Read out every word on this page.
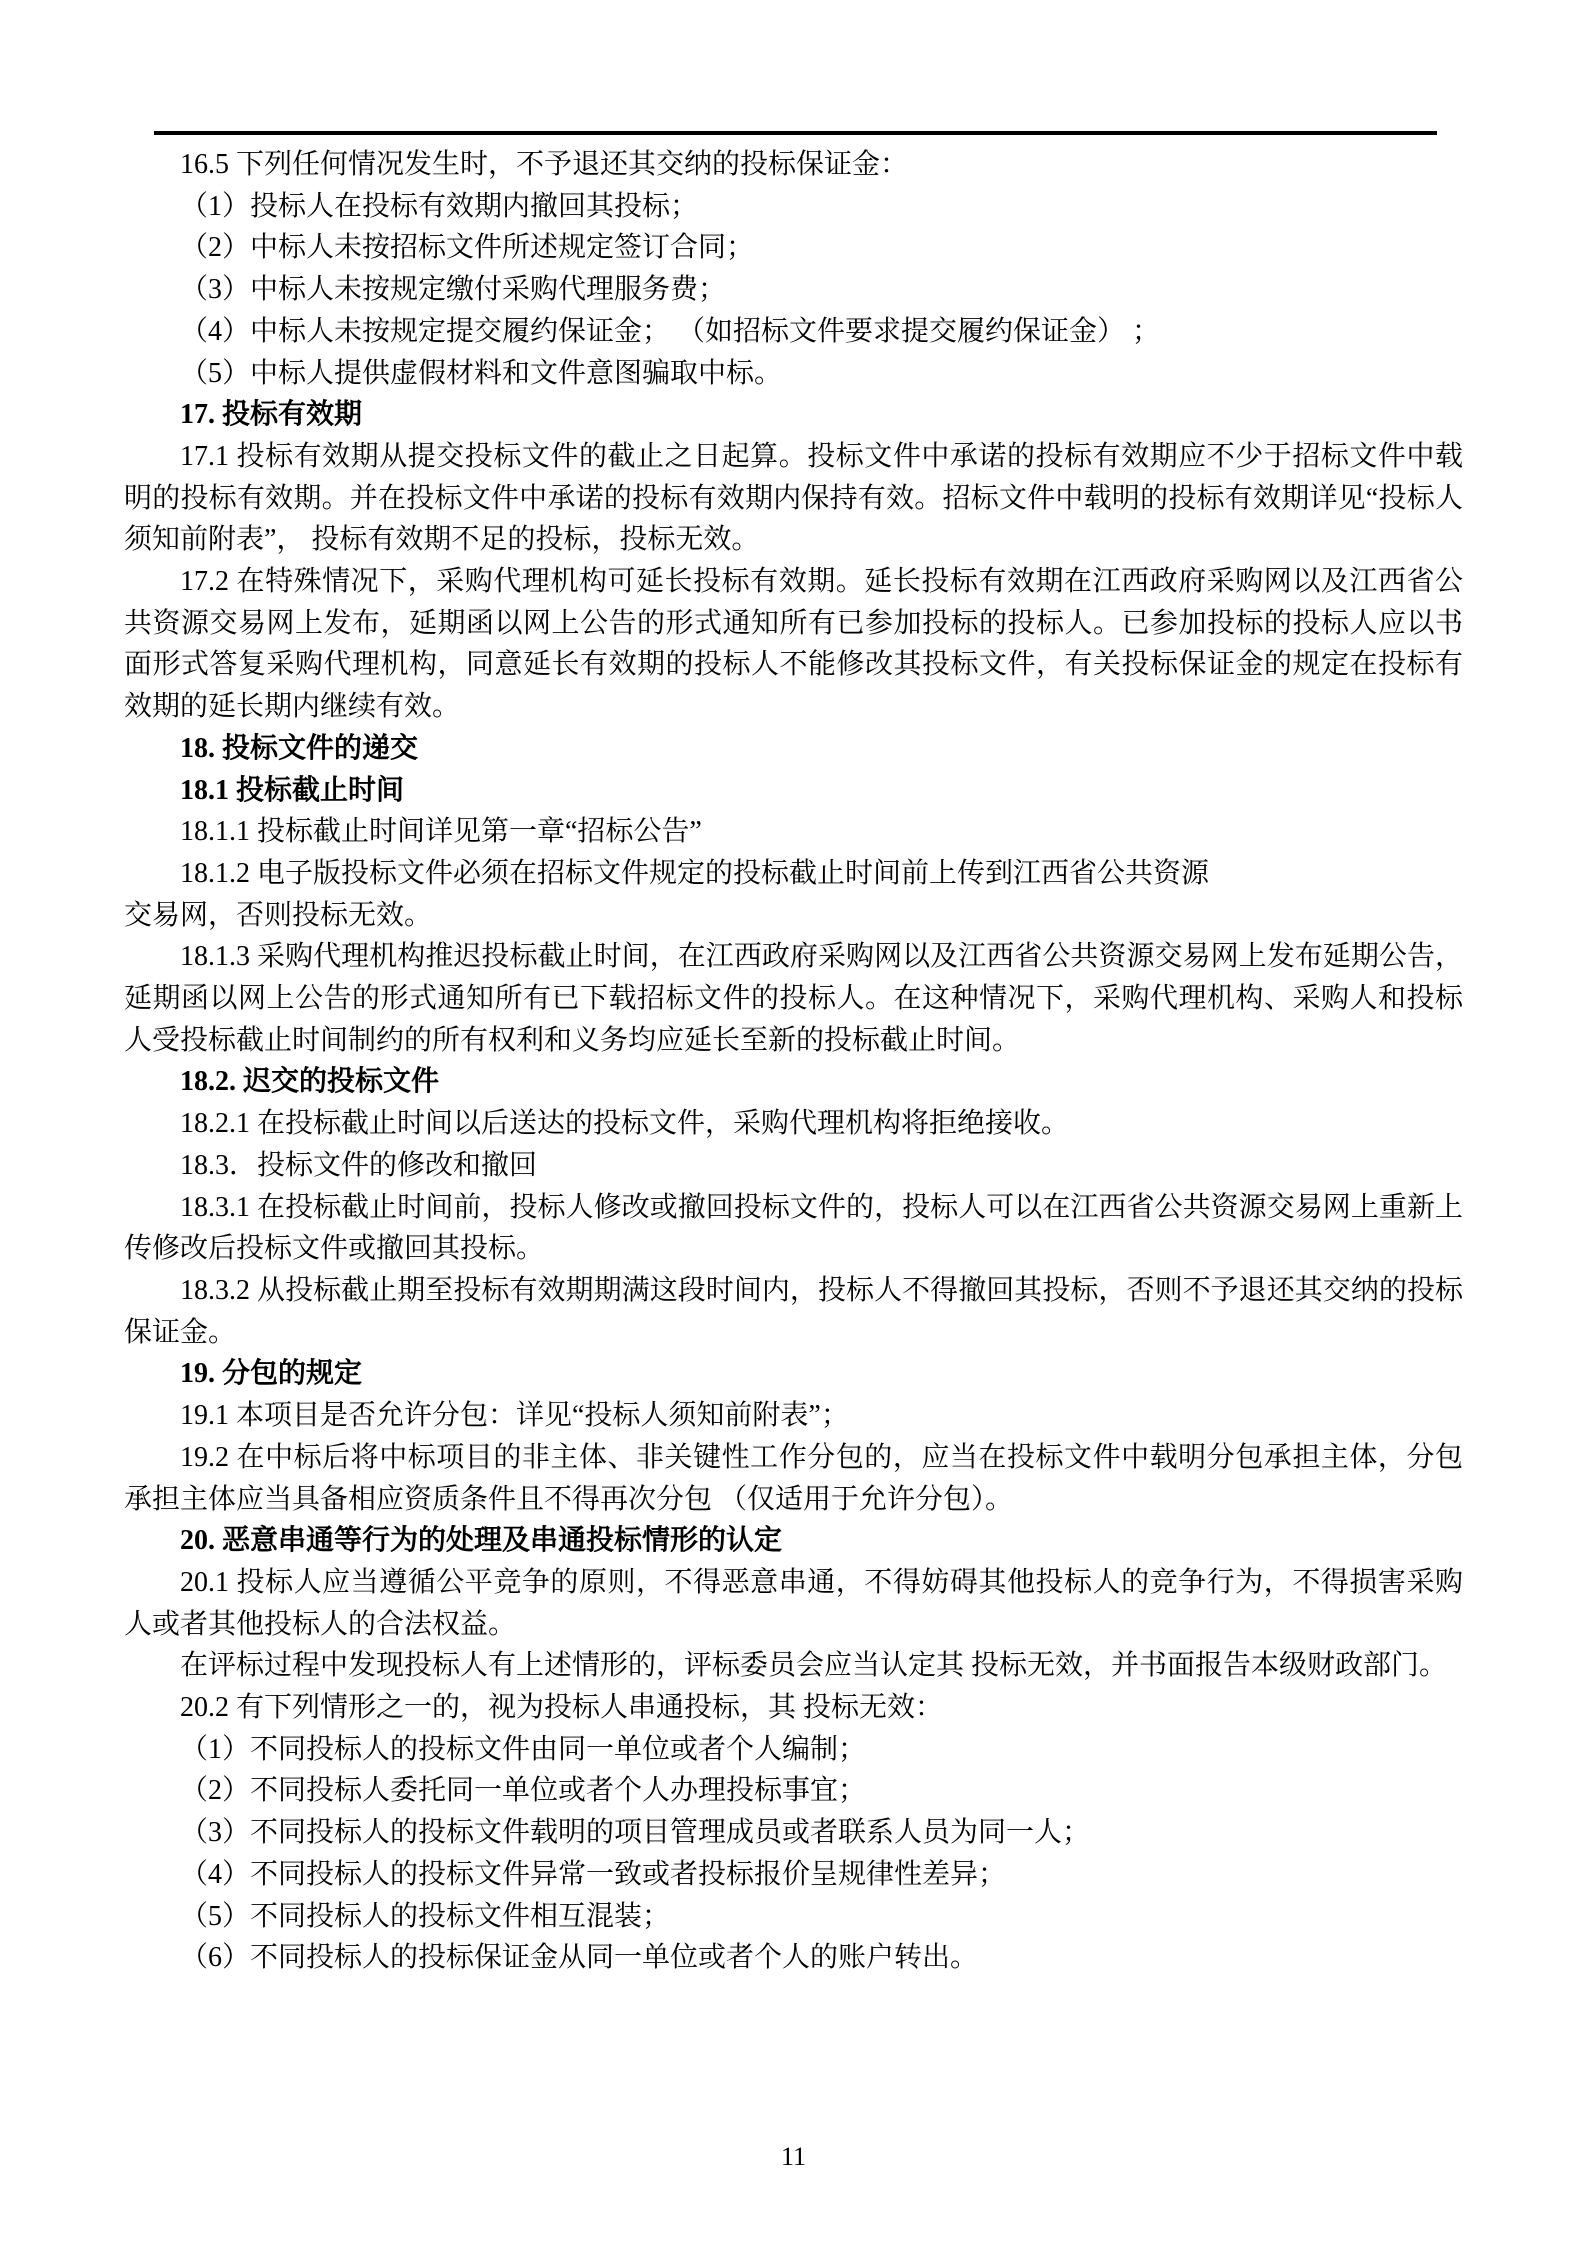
16.5 下列任何情况发生时，不予退还其交纳的投标保证金：

（1）投标人在投标有效期内撤回其投标；

（2）中标人未按招标文件所述规定签订合同；

（3）中标人未按规定缴付采购代理服务费；

（4）中标人未按规定提交履约保证金； （如招标文件要求提交履约保证金） ；

（5）中标人提供虚假材料和文件意图骗取中标。

17. 投标有效期

17.1 投标有效期从提交投标文件的截止之日起算。投标文件中承诺的投标有效期应不少于招标文件中载明的投标有效期。并在投标文件中承诺的投标有效期内保持有效。招标文件中载明的投标有效期详见“投标人须知前附表”， 投标有效期不足的投标，投标无效。

17.2 在特殊情况下，采购代理机构可延长投标有效期。延长投标有效期在江西政府采购网以及江西省公共资源交易网上发布，延期函以网上公告的形式通知所有已参加投标的投标人。已参加投标的投标人应以书面形式答复采购代理机构，同意延长有效期的投标人不能修改其投标文件，有关投标保证金的规定在投标有效期的延长期内继续有效。

18. 投标文件的递交

18.1 投标截止时间

18.1.1 投标截止时间详见第一章“招标公告”

18.1.2 电子版投标文件必须在招标文件规定的投标截止时间前上传到江西省公共资源

交易网，否则投标无效。

18.1.3 采购代理机构推迟投标截止时间，在江西政府采购网以及江西省公共资源交易网上发布延期公告，延期函以网上公告的形式通知所有已下载招标文件的投标人。在这种情况下，采购代理机构、采购人和投标人受投标截止时间制约的所有权利和义务均应延长至新的投标截止时间。

18.2. 迟交的投标文件

18.2.1 在投标截止时间以后送达的投标文件，采购代理机构将拒绝接收。

18.3．投标文件的修改和撤回

18.3.1 在投标截止时间前，投标人修改或撤回投标文件的，投标人可以在江西省公共资源交易网上重新上传修改后投标文件或撤回其投标。

18.3.2 从投标截止期至投标有效期期满这段时间内，投标人不得撤回其投标，否则不予退还其交纳的投标保证金。

19. 分包的规定

19.1 本项目是否允许分包：详见“投标人须知前附表”；

19.2 在中标后将中标项目的非主体、非关键性工作分包的，应当在投标文件中载明分包承担主体，分包承担主体应当具备相应资质条件且不得再次分包 （仅适用于允许分包）。

20. 恶意串通等行为的处理及串通投标情形的认定

20.1 投标人应当遵循公平竞争的原则，不得恶意串通，不得妨碍其他投标人的竞争行为，不得损害采购人或者其他投标人的合法权益。

在评标过程中发现投标人有上述情形的，评标委员会应当认定其 投标无效，并书面报告本级财政部门。

20.2 有下列情形之一的，视为投标人串通投标，其 投标无效：

（1）不同投标人的投标文件由同一单位或者个人编制；

（2）不同投标人委托同一单位或者个人办理投标事宜；

（3）不同投标人的投标文件载明的项目管理成员或者联系人员为同一人；

（4）不同投标人的投标文件异常一致或者投标报价呈规律性差异；

（5）不同投标人的投标文件相互混装；

（6）不同投标人的投标保证金从同一单位或者个人的账户转出。

11
